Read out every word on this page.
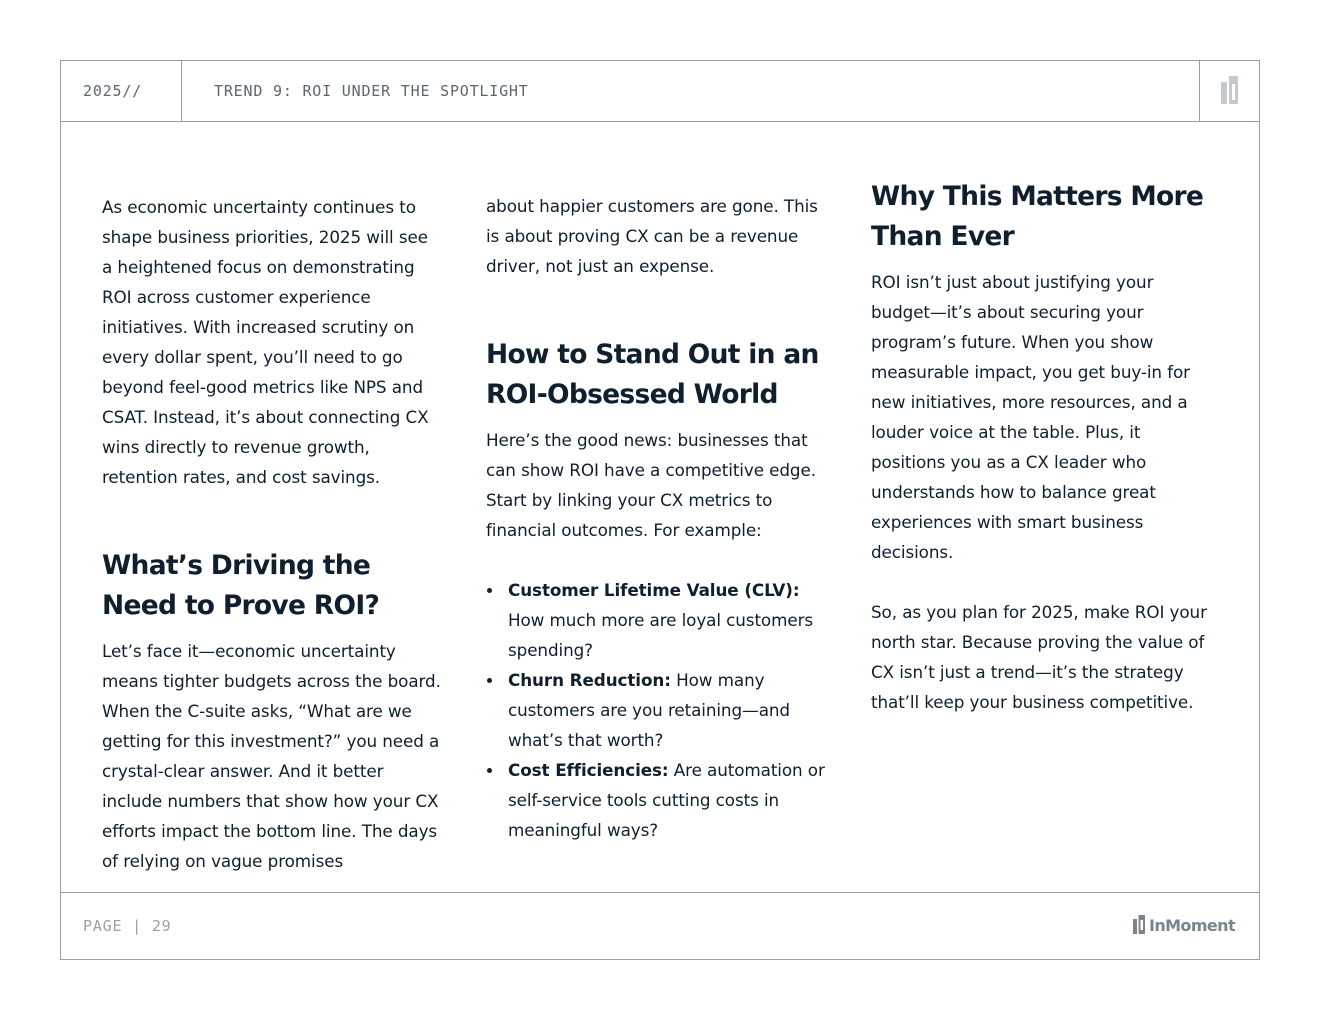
2025//	TREND 9: ROI UNDER THE SPOTLIGHT

As economic uncertainty continues to shape business priorities, 2025 will see a heightened focus on demonstrating ROI across customer experience initiatives. With increased scrutiny on every dollar spent, you’ll need to go beyond feel-good metrics like NPS and CSAT. Instead, it’s about connecting CX wins directly to revenue growth, retention rates, and cost savings.

What’s Driving the Need to Prove ROI?

Let’s face it—economic uncertainty means tighter budgets across the board. When the C-suite asks, “What are we getting for this investment?” you need a crystal-clear answer. And it better include numbers that show how your CX efforts impact the bottom line. The days of relying on vague promises

about happier customers are gone. This is about proving CX can be a revenue driver, not just an expense.

How to Stand Out in an ROI-Obsessed World

Here’s the good news: businesses that can show ROI have a competitive edge. Start by linking your CX metrics to financial outcomes. For example:

Customer Lifetime Value (CLV): How much more are loyal customers spending?
Churn Reduction: How many customers are you retaining—and what’s that worth?
Cost Efficiencies: Are automation or self-service tools cutting costs in meaningful ways?
Why This Matters More Than Ever

ROI isn’t just about justifying your budget—it’s about securing your program’s future. When you show measurable impact, you get buy-in for new initiatives, more resources, and a louder voice at the table. Plus, it positions you as a CX leader who understands how to balance great experiences with smart business decisions.

So, as you plan for 2025, make ROI your north star. Because proving the value of CX isn’t just a trend—it’s the strategy that’ll keep your business competitive.

PAGE | 29	InMoment
